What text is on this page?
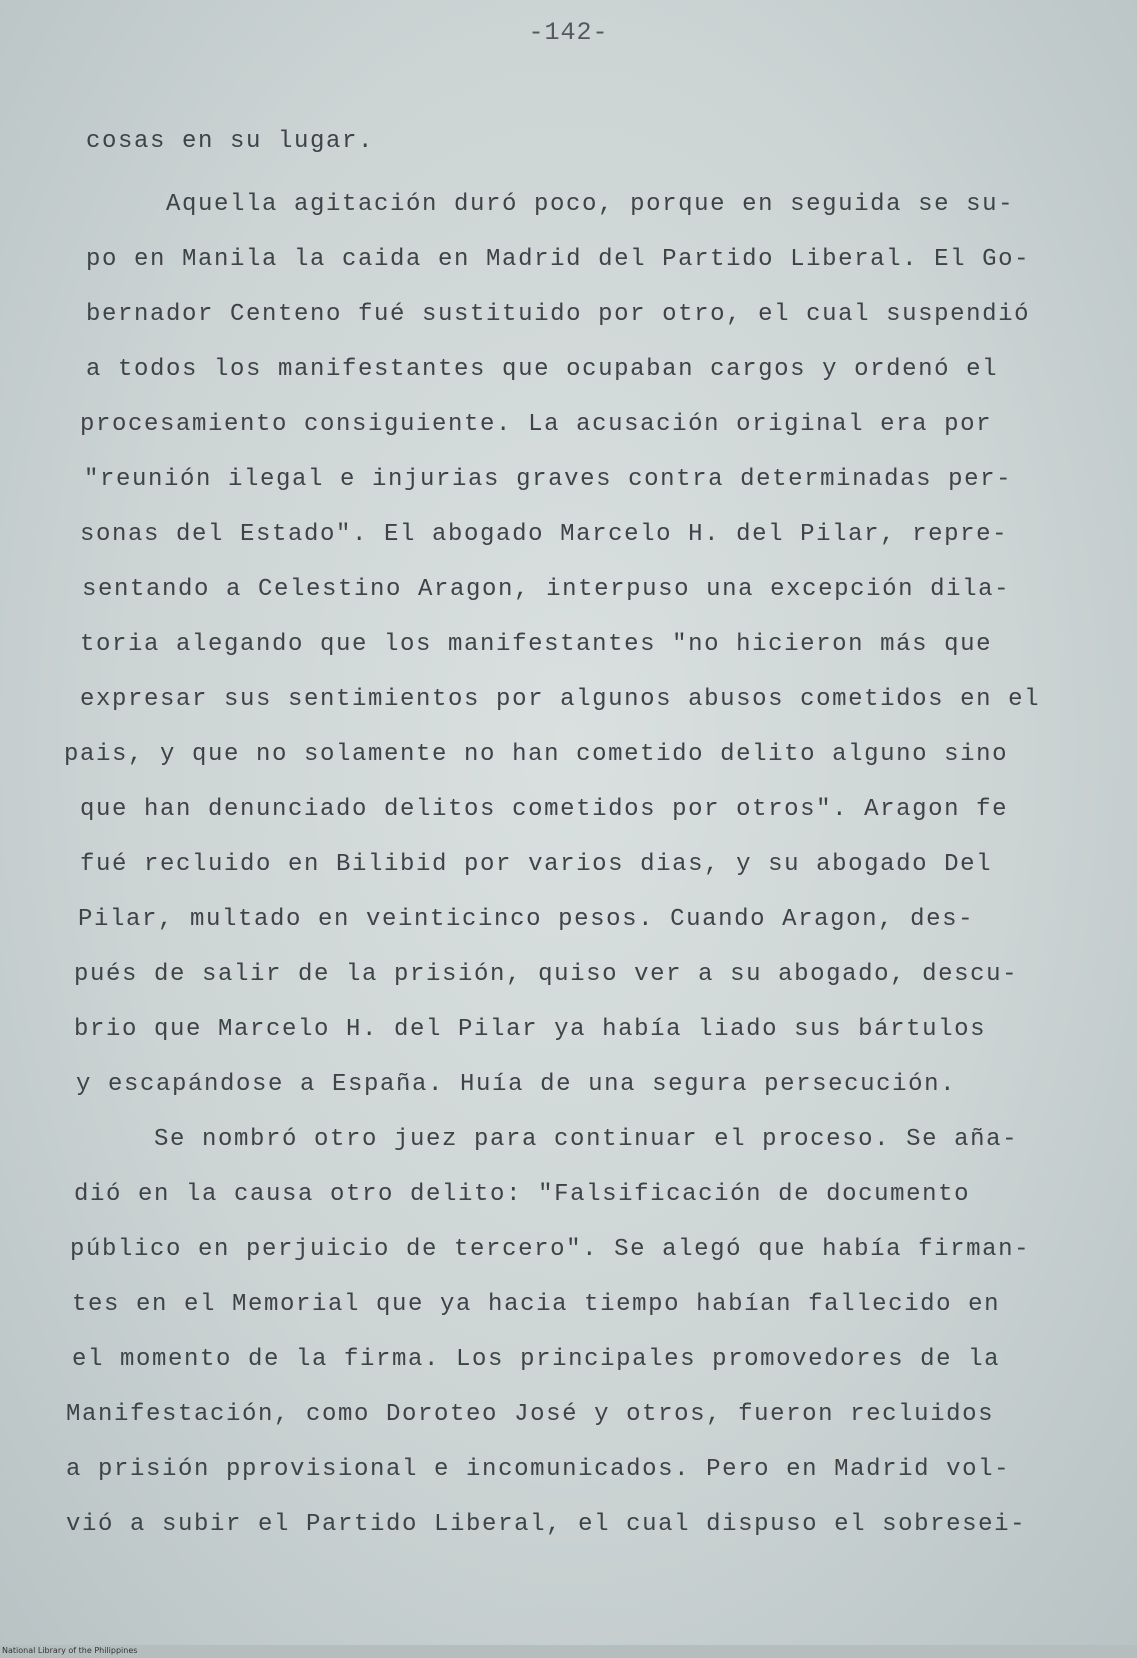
-142-
cosas en su lugar.
Aquella agitación duró poco, porque en seguida se su-
po en Manila la caida en Madrid del Partido Liberal. El Go-
bernador Centeno fué sustituido por otro, el cual suspendió
a todos los manifestantes que ocupaban cargos y ordenó el
procesamiento consiguiente. La acusación original era por
"reunión ilegal e injurias graves contra determinadas per-
sonas del Estado". El abogado Marcelo H. del Pilar, repre-
sentando a Celestino Aragon, interpuso una excepción dila-
toria alegando que los manifestantes "no hicieron más que
expresar sus sentimientos por algunos abusos cometidos en el
pais, y que no solamente no han cometido delito alguno sino
que han denunciado delitos cometidos por otros". Aragon fe
fué recluido en Bilibid por varios dias, y su abogado Del
Pilar, multado en veinticinco pesos. Cuando Aragon, des-
pués de salir de la prisión, quiso ver a su abogado, descu-
brio que Marcelo H. del Pilar ya había liado sus bártulos
y escapándose a España. Huía de una segura persecución.
Se nombró otro juez para continuar el proceso. Se aña-
dió en la causa otro delito: "Falsificación de documento
público en perjuicio de tercero". Se alegó que había firman-
tes en el Memorial que ya hacia tiempo habían fallecido en
el momento de la firma. Los principales promovedores de la
Manifestación, como Doroteo José y otros, fueron recluidos
a prisión pprovisional e incomunicados. Pero en Madrid vol-
vió a subir el Partido Liberal, el cual dispuso el sobresei-
National Library of the Philippines
